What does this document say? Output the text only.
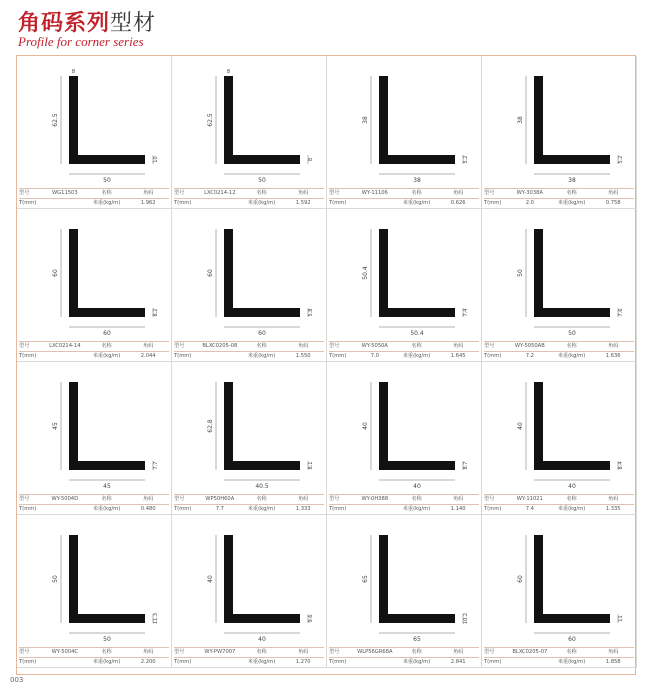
角码系列型材
Profile for corner series
62.5
50
10
8
型号	WG11503	名称	角码
T(mm)	米重(kg/m)	1.962
62.5
50
8
8
型号	LXC0214-12	名称	角码
T(mm)	米重(kg/m)	1.592
38
38
5.2
型号	WY-11106	名称	角码
T(mm)	米重(kg/m)	0.626
38
38
5.2
型号	WY-3038A	名称	角码
T(mm)	2.0	米重(kg/m)	0.758
60
60
8.2
型号	LXC0214-14	名称	角码
T(mm)	米重(kg/m)	2.044
60
60
5.8
型号	BLXC0205-08	名称	角码
T(mm)	米重(kg/m)	1.550
50.4
50.4
7.4
型号	WY-5050A	名称	角码
T(mm)	7.0	米重(kg/m)	1.645
50
50
7.6
型号	WY-5050AB	名称	角码
T(mm)	7.2	米重(kg/m)	1.636
45
45
7.7
型号	WY-5004D	名称	角码
T(mm)	米重(kg/m)	0.480
62.8
40.5
8.1
型号	WP50H60A	名称	角码
T(mm)	7.7	米重(kg/m)	1.333
40
40
8.7
型号	WY-0H388	名称	角码
T(mm)	米重(kg/m)	1.140
40
40
8.4
型号	WY-11021	名称	角码
T(mm)	7.4	米重(kg/m)	1.335
50
50
11.3
型号	WY-5004C	名称	角码
T(mm)	米重(kg/m)	2.200
40
40
9.6
型号	WY-PW7007	名称	角码
T(mm)	米重(kg/m)	1.270
65
65
10.2
型号	WLP56GR68A	名称	角码
T(mm)	米重(kg/m)	2.841
60
60
11
型号	BLXC0205-07	名称	角码
T(mm)	米重(kg/m)	1.858
003
